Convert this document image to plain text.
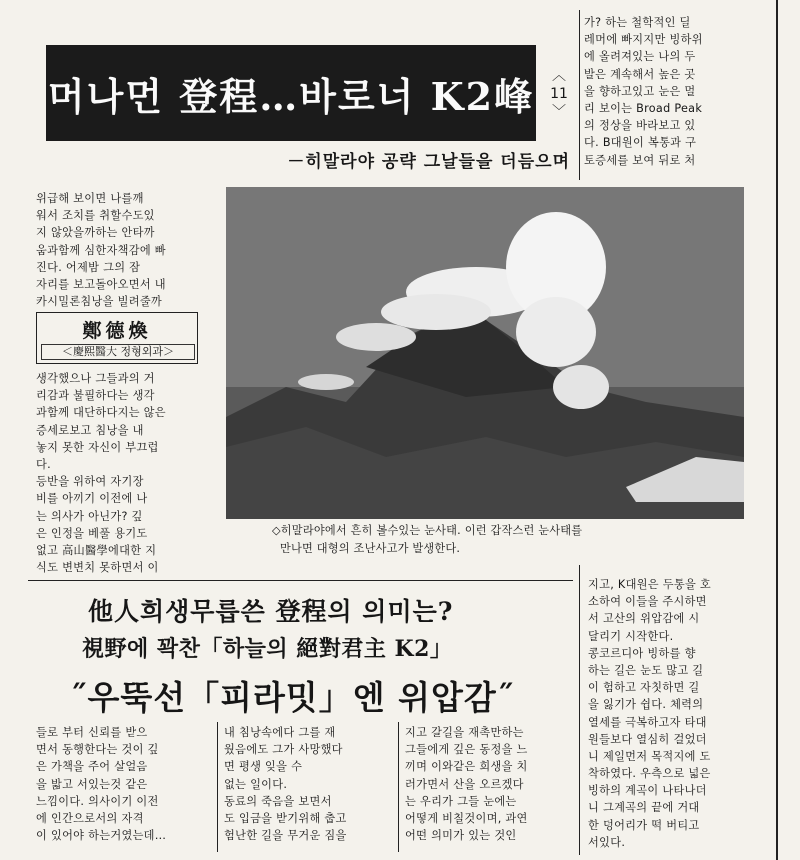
머나먼 登程…바로너 K2峰 ︿
11
﹀
－히말라야 공략 그날들을 더듬으며
가? 하는 철학적인 딜
레머에 빠지지만 빙하위
에 올려져있는 나의 두
발은 계속해서 높은 곳
을 향하고있고 눈은 멀
리 보이는 Broad Peak
의 정상을 바라보고 있
다. B대원이 복통과 구
토증세를 보여 뒤로 처
위급해 보이면 나를깨
워서 조치를 취할수도있
지 않았을까하는 안타까
움과함께 심한자책감에 빠
진다. 어제밤 그의 잠
자리를 보고돌아오면서 내
카시밀론침낭을 빌려줄까
鄭德煥
＜慶熙醫大 정형외과＞
생각했으나 그들과의 거
리감과 불필하다는 생각
과함께 대단하다지는 않은
증세로보고 침낭을 내
놓지 못한 자신이 부끄럽
다.
등반을 위하여 자기장
비를 아끼기 이전에 나
는 의사가 아닌가? 깊
은 인정을 베풀 용기도
없고 高山醫學에대한 지
식도 변변치 못하면서 이
◇히말라야에서 흔히 볼수있는 눈사태. 이런 갑작스런 눈사태를
만나면 대형의 조난사고가 발생한다.
他人희생무릅쓴 登程의 의미는?
視野에 꽉찬「하늘의 絕對君主 K2」
˝우뚝선「피라밋」엔 위압감˝
지고, K대원은 두통을 호
소하여 이들을 주시하면
서 고산의 위압감에 시
달리기 시작한다.
콩코르디아 빙하를 향
하는 길은 눈도 많고 길
이 험하고 자칫하면 길
을 잃기가 쉽다. 체력의
열세를 극복하고자 타대
원들보다 열심히 걸었더
니 제일먼저 목적지에 도
착하였다. 우측으로 넓은
빙하의 계곡이 나타나더
니 그계곡의 끝에 거대
한 덩어리가 떡 버티고
서있다.
들로 부터 신뢰를 받으
면서 동행한다는 것이 깊
은 가책을 주어 살얼음
을 밟고 서있는것 같은
느낌이다. 의사이기 이전
에 인간으로서의 자격
이 있어야 하는거였는데…
내 침낭속에다 그를 재
웠음에도 그가 사망했다
면 평생 잊을 수
없는 일이다.
동료의 죽음을 보면서
도 입금을 받기위해 춥고
험난한 길을 무거운 짐을
지고 갈길을 재촉만하는
그들에게 깊은 동정을 느
끼며 이와같은 희생을 치
러가면서 산을 오르겠다
는 우리가 그들 눈에는
어떻게 비칠것이며, 과연
어떤 의미가 있는 것인
